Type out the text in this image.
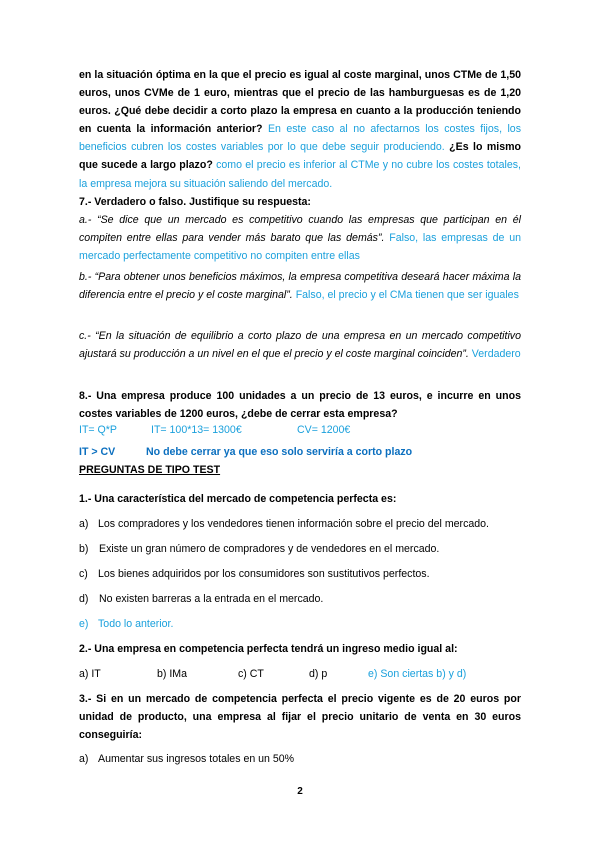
en la situación óptima en la que el precio es igual al coste marginal, unos CTMe de 1,50 euros, unos CVMe de 1 euro, mientras que el precio de las hamburguesas es de 1,20 euros. ¿Qué debe decidir a corto plazo la empresa en cuanto a la producción teniendo en cuenta la información anterior? En este caso al no afectarnos los costes fijos, los beneficios cubren los costes variables por lo que debe seguir produciendo. ¿Es lo mismo que sucede a largo plazo? como el precio es inferior al CTMe y no cubre los costes totales, la empresa mejora su situación saliendo del mercado.
7.- Verdadero o falso. Justifique su respuesta:
a.- “Se dice que un mercado es competitivo cuando las empresas que participan en él compiten entre ellas para vender más barato que las demás”. Falso, las empresas de un mercado perfectamente competitivo no compiten entre ellas
b.- “Para obtener unos beneficios máximos, la empresa competitiva deseará hacer máxima la diferencia entre el precio y el coste marginal”. Falso, el precio y el CMa tienen que ser iguales
c.- “En la situación de equilibrio a corto plazo de una empresa en un mercado competitivo ajustará su producción a un nivel en el que el precio y el coste marginal coinciden”. Verdadero
8.- Una empresa produce 100 unidades a un precio de 13 euros, e incurre en unos costes variables de 1200 euros, ¿debe de cerrar esta empresa?
IT= Q*P	IT= 100*13= 1300€	CV= 1200€
IT > CV	No debe cerrar ya que eso solo serviría a corto plazo
PREGUNTAS DE TIPO TEST
1.- Una característica del mercado de competencia perfecta es:
a) Los compradores y los vendedores tienen información sobre el precio del mercado.
b) Existe un gran número de compradores y de vendedores en el mercado.
c) Los bienes adquiridos por los consumidores son sustitutivos perfectos.
d) No existen barreras a la entrada en el mercado.
e) Todo lo anterior.
2.- Una empresa en competencia perfecta tendrá un ingreso medio igual al:
a) IT	b) IMa	c) CT	d) p	e) Son ciertas b) y d)
3.- Si en un mercado de competencia perfecta el precio vigente es de 20 euros por unidad de producto, una empresa al fijar el precio unitario de venta en 30 euros conseguiría:
a) Aumentar sus ingresos totales en un 50%
2
